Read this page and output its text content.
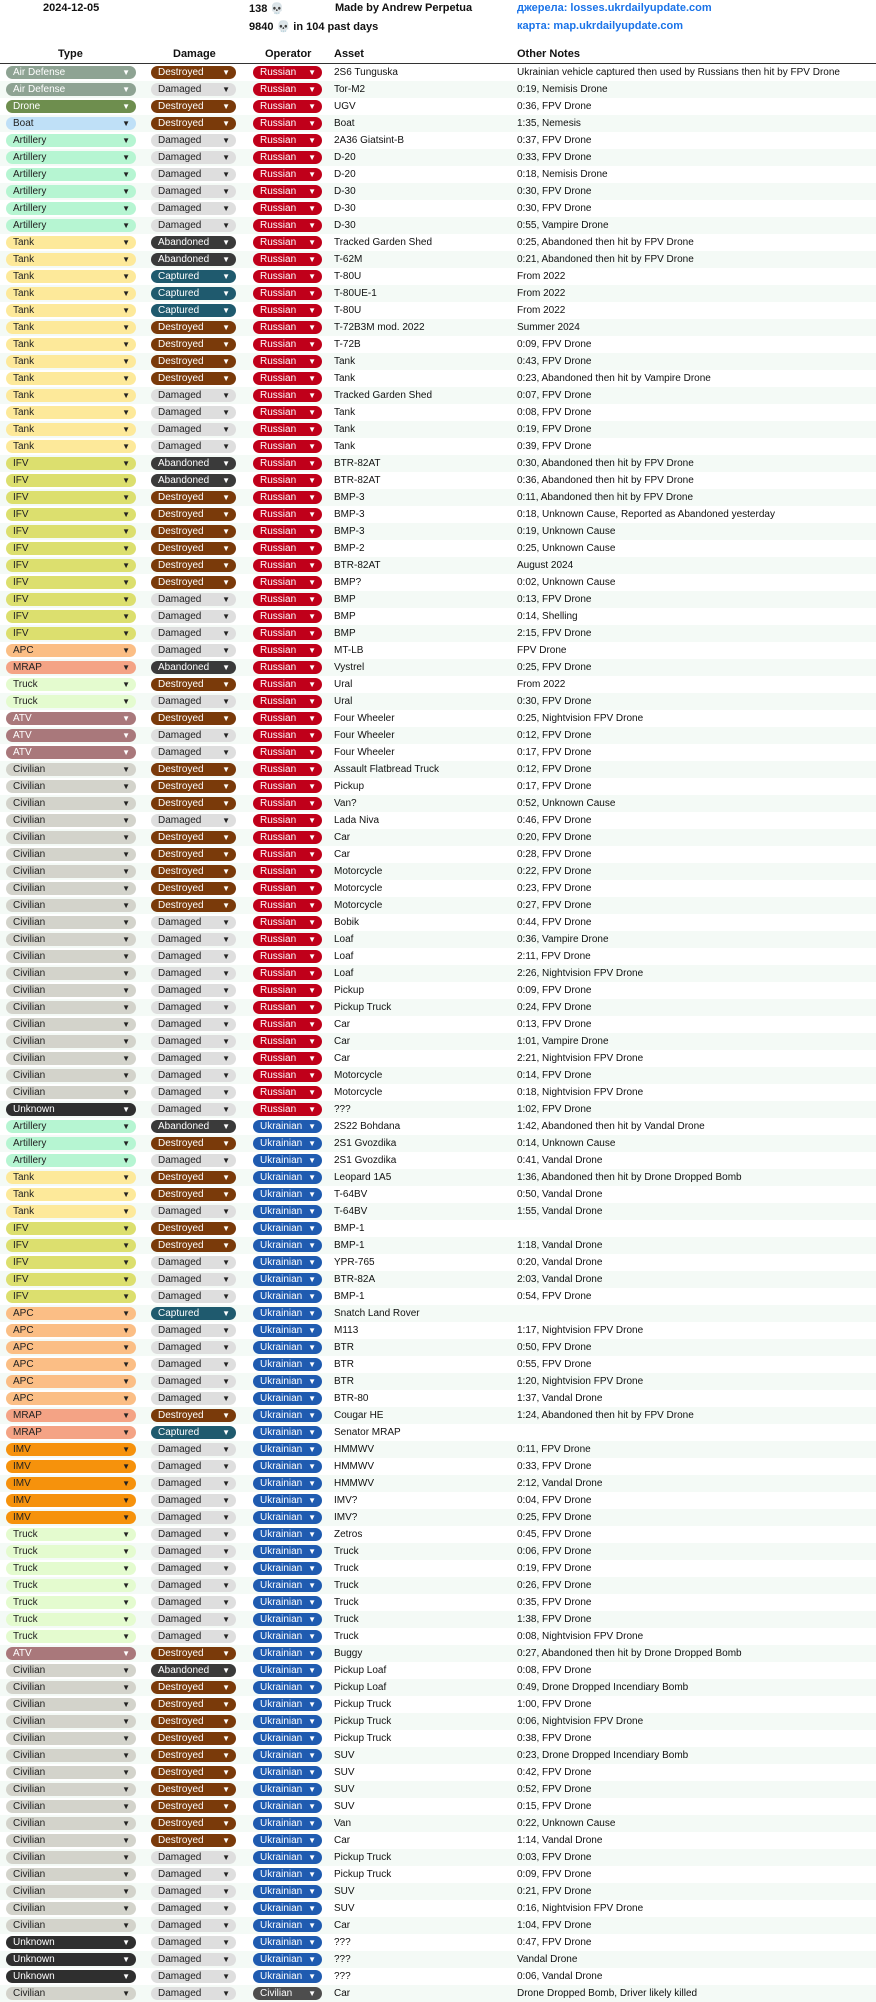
2024-12-05	138 💀	Made by Andrew Perpetua	джерела: losses.ukrdailyupdate.com
9840 💀 in 104 past days	карта: map.ukrdailyupdate.com
Type	Damage	Operator Asset	Other Notes
Air Defense	▼	Destroyed ▼	Russian ▼ 2S6 Tunguska	Ukrainian vehicle captured then used by Russians then hit by FPV Drone
Air Defense	▼	Damaged	▼	Russian ▼ Tor-M2	0:19, Nemisis Drone
Drone	▼	Destroyed ▼	Russian ▼ UGV	0:36, FPV Drone
Boat	▼	Destroyed ▼	Russian ▼ Boat	1:35, Nemesis
Artillery	▼	Damaged	▼	Russian ▼ 2A36 Giatsint-B	0:37, FPV Drone
Artillery	▼	Damaged	▼	Russian ▼ D-20	0:33, FPV Drone
Artillery	▼	Damaged	▼	Russian ▼ D-20	0:18, Nemisis Drone
Artillery	▼	Damaged	▼	Russian ▼ D-30	0:30, FPV Drone
Artillery	▼	Damaged	▼	Russian ▼ D-30	0:30, FPV Drone
Artillery	▼	Damaged	▼	Russian ▼ D-30	0:55, Vampire Drone
Tank	▼	Abandoned ▼	Russian ▼ Tracked Garden Shed	0:25, Abandoned then hit by FPV Drone
Tank	▼	Abandoned ▼	Russian ▼ T-62M	0:21, Abandoned then hit by FPV Drone
Tank	▼	Captured	▼	Russian ▼ T-80U	From 2022
Tank	▼	Captured	▼	Russian ▼ T-80UE-1	From 2022
Tank	▼	Captured	▼	Russian ▼ T-80U	From 2022
Tank	▼	Destroyed ▼	Russian ▼ T-72B3M mod. 2022	Summer 2024
Tank	▼	Destroyed ▼	Russian ▼ T-72B	0:09, FPV Drone
Tank	▼	Destroyed ▼	Russian ▼ Tank	0:43, FPV Drone
Tank	▼	Destroyed ▼	Russian ▼ Tank	0:23, Abandoned then hit by Vampire Drone
Tank	▼	Damaged	▼	Russian ▼ Tracked Garden Shed	0:07, FPV Drone
Tank	▼	Damaged	▼	Russian ▼ Tank	0:08, FPV Drone
Tank	▼	Damaged	▼	Russian ▼ Tank	0:19, FPV Drone
Tank	▼	Damaged	▼	Russian ▼ Tank	0:39, FPV Drone
IFV	▼	Abandoned ▼	Russian ▼ BTR-82AT	0:30, Abandoned then hit by FPV Drone
IFV	▼	Abandoned ▼	Russian ▼ BTR-82AT	0:36, Abandoned then hit by FPV Drone
IFV	▼	Destroyed ▼	Russian ▼ BMP-3	0:11, Abandoned then hit by FPV Drone
IFV	▼	Destroyed ▼	Russian ▼ BMP-3	0:18, Unknown Cause, Reported as Abandoned yesterday
IFV	▼	Destroyed ▼	Russian ▼ BMP-3	0:19, Unknown Cause
IFV	▼	Destroyed ▼	Russian ▼ BMP-2	0:25, Unknown Cause
IFV	▼	Destroyed ▼	Russian ▼ BTR-82AT	August 2024
IFV	▼	Destroyed ▼	Russian ▼ BMP?	0:02, Unknown Cause
IFV	▼	Damaged	▼	Russian ▼ BMP	0:13, FPV Drone
IFV	▼	Damaged	▼	Russian ▼ BMP	0:14, Shelling
IFV	▼	Damaged	▼	Russian ▼ BMP	2:15, FPV Drone
APC	▼	Damaged	▼	Russian ▼ MT-LB	FPV Drone
MRAP	▼	Abandoned ▼	Russian ▼ Vystrel	0:25, FPV Drone
Truck	▼	Destroyed ▼	Russian ▼ Ural	From 2022
Truck	▼	Damaged	▼	Russian ▼ Ural	0:30, FPV Drone
ATV	▼	Destroyed ▼	Russian ▼ Four Wheeler	0:25, Nightvision FPV Drone
ATV	▼	Damaged	▼	Russian ▼ Four Wheeler	0:12, FPV Drone
ATV	▼	Damaged	▼	Russian ▼ Four Wheeler	0:17, FPV Drone
Civilian	▼	Destroyed ▼	Russian ▼ Assault Flatbread Truck	0:12, FPV Drone
Civilian	▼	Destroyed ▼	Russian ▼ Pickup	0:17, FPV Drone
Civilian	▼	Destroyed ▼	Russian ▼ Van?	0:52, Unknown Cause
Civilian	▼	Damaged	▼	Russian ▼ Lada Niva	0:46, FPV Drone
Civilian	▼	Destroyed ▼	Russian ▼ Car	0:20, FPV Drone
Civilian	▼	Destroyed ▼	Russian ▼ Car	0:28, FPV Drone
Civilian	▼	Destroyed ▼	Russian ▼ Motorcycle	0:22, FPV Drone
Civilian	▼	Destroyed ▼	Russian ▼ Motorcycle	0:23, FPV Drone
Civilian	▼	Destroyed ▼	Russian ▼ Motorcycle	0:27, FPV Drone
Civilian	▼	Damaged	▼	Russian ▼ Bobik	0:44, FPV Drone
Civilian	▼	Damaged	▼	Russian ▼ Loaf	0:36, Vampire Drone
Civilian	▼	Damaged	▼	Russian ▼ Loaf	2:11, FPV Drone
Civilian	▼	Damaged	▼	Russian ▼ Loaf	2:26, Nightvision FPV Drone
Civilian	▼	Damaged	▼	Russian ▼ Pickup	0:09, FPV Drone
Civilian	▼	Damaged	▼	Russian ▼ Pickup Truck	0:24, FPV Drone
Civilian	▼	Damaged	▼	Russian ▼ Car	0:13, FPV Drone
Civilian	▼	Damaged	▼	Russian ▼ Car	1:01, Vampire Drone
Civilian	▼	Damaged	▼	Russian ▼ Car	2:21, Nightvision FPV Drone
Civilian	▼	Damaged	▼	Russian ▼ Motorcycle	0:14, FPV Drone
Civilian	▼	Damaged	▼	Russian ▼ Motorcycle	0:18, Nightvision FPV Drone
Unknown	▼	Damaged	▼	Russian ▼ ???	1:02, FPV Drone
Artillery	▼	Abandoned ▼	Ukrainian ▼ 2S22 Bohdana	1:42, Abandoned then hit by Vandal Drone
Artillery	▼	Destroyed ▼	Ukrainian ▼ 2S1 Gvozdika	0:14, Unknown Cause
Artillery	▼	Damaged	▼	Ukrainian ▼ 2S1 Gvozdika	0:41, Vandal Drone
Tank	▼	Destroyed ▼	Ukrainian ▼ Leopard 1A5	1:36, Abandoned then hit by Drone Dropped Bomb
Tank	▼	Destroyed ▼	Ukrainian ▼ T-64BV	0:50, Vandal Drone
Tank	▼	Damaged	▼	Ukrainian ▼ T-64BV	1:55, Vandal Drone
IFV	▼	Destroyed ▼	Ukrainian ▼ BMP-1
IFV	▼	Destroyed ▼	Ukrainian ▼ BMP-1	1:18, Vandal Drone
IFV	▼	Damaged	▼	Ukrainian ▼ YPR-765	0:20, Vandal Drone
IFV	▼	Damaged	▼	Ukrainian ▼ BTR-82A	2:03, Vandal Drone
IFV	▼	Damaged	▼	Ukrainian ▼ BMP-1	0:54, FPV Drone
APC	▼	Captured	▼	Ukrainian ▼ Snatch Land Rover
APC	▼	Damaged	▼	Ukrainian ▼ M113	1:17, Nightvision FPV Drone
APC	▼	Damaged	▼	Ukrainian ▼ BTR	0:50, FPV Drone
APC	▼	Damaged	▼	Ukrainian ▼ BTR	0:55, FPV Drone
APC	▼	Damaged	▼	Ukrainian ▼ BTR	1:20, Nightvision FPV Drone
APC	▼	Damaged	▼	Ukrainian ▼ BTR-80	1:37, Vandal Drone
MRAP	▼	Destroyed ▼	Ukrainian ▼ Cougar HE	1:24, Abandoned then hit by FPV Drone
MRAP	▼	Captured	▼	Ukrainian ▼ Senator MRAP
IMV	▼	Damaged	▼	Ukrainian ▼ HMMWV	0:11, FPV Drone
IMV	▼	Damaged	▼	Ukrainian ▼ HMMWV	0:33, FPV Drone
IMV	▼	Damaged	▼	Ukrainian ▼ HMMWV	2:12, Vandal Drone
IMV	▼	Damaged	▼	Ukrainian ▼ IMV?	0:04, FPV Drone
IMV	▼	Damaged	▼	Ukrainian ▼ IMV?	0:25, FPV Drone
Truck	▼	Damaged	▼	Ukrainian ▼ Zetros	0:45, FPV Drone
Truck	▼	Damaged	▼	Ukrainian ▼ Truck	0:06, FPV Drone
Truck	▼	Damaged	▼	Ukrainian ▼ Truck	0:19, FPV Drone
Truck	▼	Damaged	▼	Ukrainian ▼ Truck	0:26, FPV Drone
Truck	▼	Damaged	▼	Ukrainian ▼ Truck	0:35, FPV Drone
Truck	▼	Damaged	▼	Ukrainian ▼ Truck	1:38, FPV Drone
Truck	▼	Damaged	▼	Ukrainian ▼ Truck	0:08, Nightvision FPV Drone
ATV	▼	Destroyed ▼	Ukrainian ▼ Buggy	0:27, Abandoned then hit by Drone Dropped Bomb
Civilian	▼	Abandoned ▼	Ukrainian ▼ Pickup Loaf	0:08, FPV Drone
Civilian	▼	Destroyed ▼	Ukrainian ▼ Pickup Loaf	0:49, Drone Dropped Incendiary Bomb
Civilian	▼	Destroyed ▼	Ukrainian ▼ Pickup Truck	1:00, FPV Drone
Civilian	▼	Destroyed ▼	Ukrainian ▼ Pickup Truck	0:06, Nightvision FPV Drone
Civilian	▼	Destroyed ▼	Ukrainian ▼ Pickup Truck	0:38, FPV Drone
Civilian	▼	Destroyed ▼	Ukrainian ▼ SUV	0:23, Drone Dropped Incendiary Bomb
Civilian	▼	Destroyed ▼	Ukrainian ▼ SUV	0:42, FPV Drone
Civilian	▼	Destroyed ▼	Ukrainian ▼ SUV	0:52, FPV Drone
Civilian	▼	Destroyed ▼	Ukrainian ▼ SUV	0:15, FPV Drone
Civilian	▼	Destroyed ▼	Ukrainian ▼ Van	0:22, Unknown Cause
Civilian	▼	Destroyed ▼	Ukrainian ▼ Car	1:14, Vandal Drone
Civilian	▼	Damaged	▼	Ukrainian ▼ Pickup Truck	0:03, FPV Drone
Civilian	▼	Damaged	▼	Ukrainian ▼ Pickup Truck	0:09, FPV Drone
Civilian	▼	Damaged	▼	Ukrainian ▼ SUV	0:21, FPV Drone
Civilian	▼	Damaged	▼	Ukrainian ▼ SUV	0:16, Nightvision FPV Drone
Civilian	▼	Damaged	▼	Ukrainian ▼ Car	1:04, FPV Drone
Unknown	▼	Damaged	▼	Ukrainian ▼ ???	0:47, FPV Drone
Unknown	▼	Damaged	▼	Ukrainian ▼ ???	Vandal Drone
Unknown	▼	Damaged	▼	Ukrainian ▼ ???	0:06, Vandal Drone
Civilian	▼	Damaged	▼	Civilian ▼ Car	Drone Dropped Bomb, Driver likely killed
